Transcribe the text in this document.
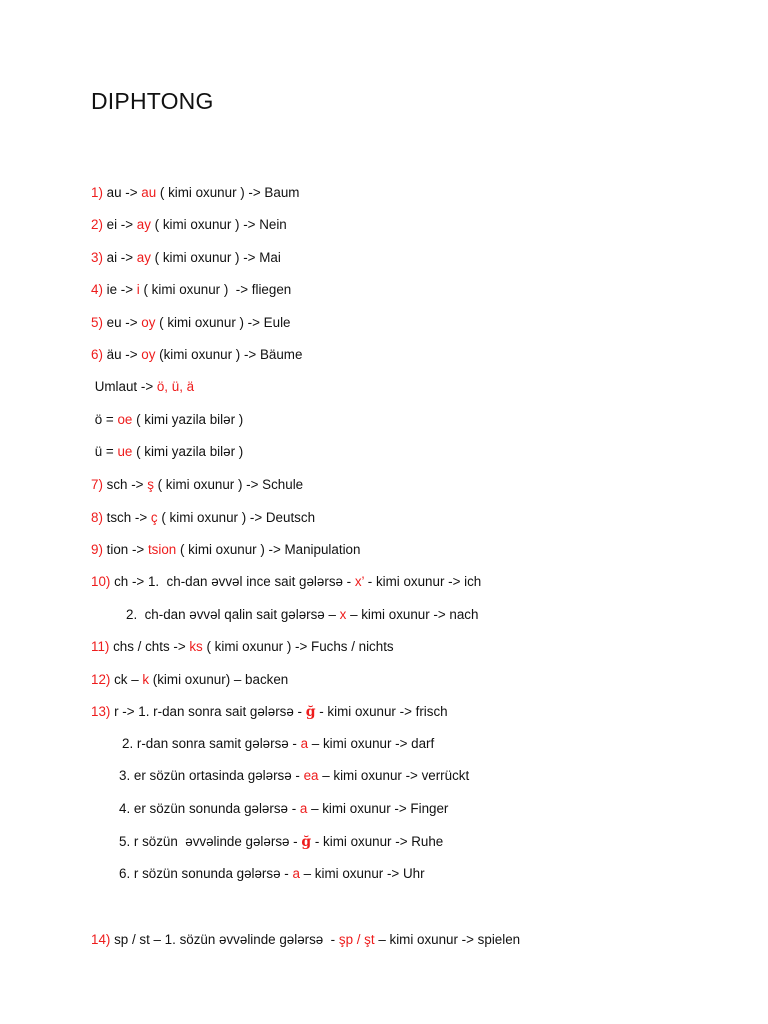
DIPHTONG
1) au -> au ( kimi oxunur ) -> Baum
2) ei -> ay ( kimi oxunur ) -> Nein
3) ai -> ay ( kimi oxunur ) -> Mai
4) ie -> i ( kimi oxunur )  -> fliegen
5) eu -> oy ( kimi oxunur ) -> Eule
6) äu -> oy (kimi oxunur ) -> Bäume
Umlaut -> ö, ü, ä
ö = oe ( kimi yazila bilər )
ü = ue ( kimi yazila bilər )
7) sch -> ş ( kimi oxunur ) -> Schule
8) tsch -> ç ( kimi oxunur ) -> Deutsch
9) tion -> tsion ( kimi oxunur ) -> Manipulation
10) ch -> 1.  ch-dan əvvəl ince sait gələrsə - x’ - kimi oxunur -> ich
2.  ch-dan əvvəl qalin sait gələrsə – x – kimi oxunur -> nach
11) chs / chts -> ks ( kimi oxunur ) -> Fuchs / nichts
12) ck – k (kimi oxunur) – backen
13) r -> 1. r-dan sonra sait gələrsə - ğ - kimi oxunur -> frisch
2. r-dan sonra samit gələrsə - a – kimi oxunur -> darf
3. er sözün ortasinda gələrsə - ea – kimi oxunur -> verrückt
4. er sözün sonunda gələrsə - a – kimi oxunur -> Finger
5. r sözün  əvvəlinde gələrsə - ğ - kimi oxunur -> Ruhe
6. r sözün sonunda gələrsə - a – kimi oxunur -> Uhr
14) sp / st – 1. sözün əvvəlinde gələrsə  - şp / şt – kimi oxunur -> spielen
